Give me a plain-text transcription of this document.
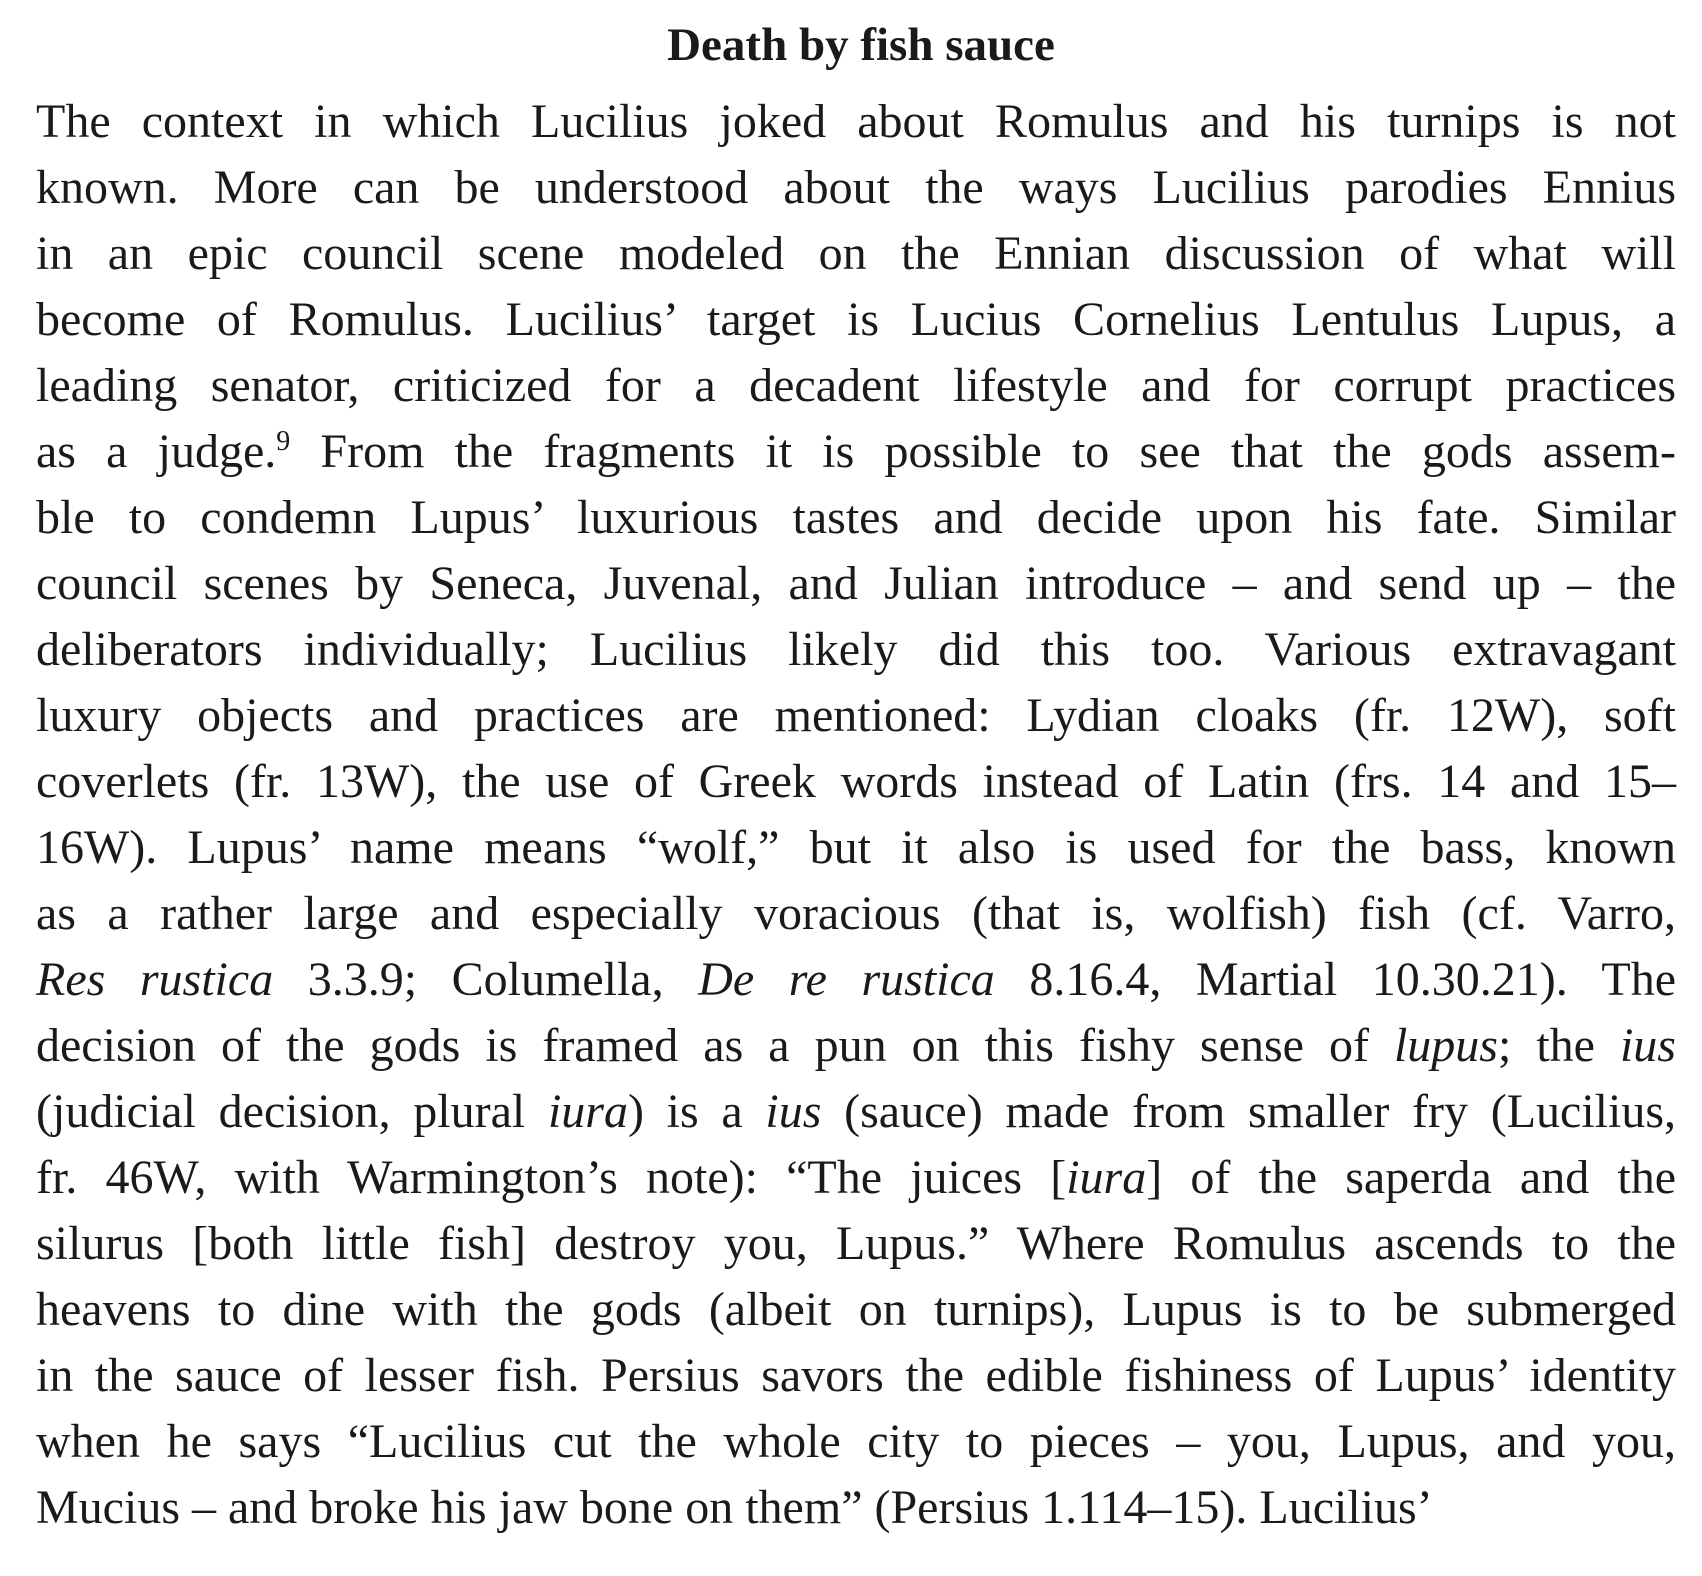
Death by fish sauce
The context in which Lucilius joked about Romulus and his turnips is not
known. More can be understood about the ways Lucilius parodies Ennius
in an epic council scene modeled on the Ennian discussion of what will
become of Romulus. Lucilius’ target is Lucius Cornelius Lentulus Lupus, a
leading senator, criticized for a decadent lifestyle and for corrupt practices
as a judge.$^9$ From the fragments it is possible to see that the gods assem-
ble to condemn Lupus’ luxurious tastes and decide upon his fate. Similar
council scenes by Seneca, Juvenal, and Julian introduce – and send up – the
deliberators individually; Lucilius likely did this too. Various extravagant
luxury objects and practices are mentioned: Lydian cloaks (fr. 12W), soft
coverlets (fr. 13W), the use of Greek words instead of Latin (frs. 14 and 15–
16W). Lupus’ name means “wolf,” but it also is used for the bass, known
as a rather large and especially voracious (that is, wolfish) fish (cf. Varro,
Res rustica 3.3.9; Columella, De re rustica 8.16.4, Martial 10.30.21). The
decision of the gods is framed as a pun on this fishy sense of lupus; the ius
(judicial decision, plural iura) is a ius (sauce) made from smaller fry (Lucilius,
fr. 46W, with Warmington’s note): “The juices [iura] of the saperda and the
silurus [both little fish] destroy you, Lupus.” Where Romulus ascends to the
heavens to dine with the gods (albeit on turnips), Lupus is to be submerged
in the sauce of lesser fish. Persius savors the edible fishiness of Lupus’ identity
when he says “Lucilius cut the whole city to pieces – you, Lupus, and you,
Mucius – and broke his jaw bone on them” (Persius 1.114–15). Lucilius’
